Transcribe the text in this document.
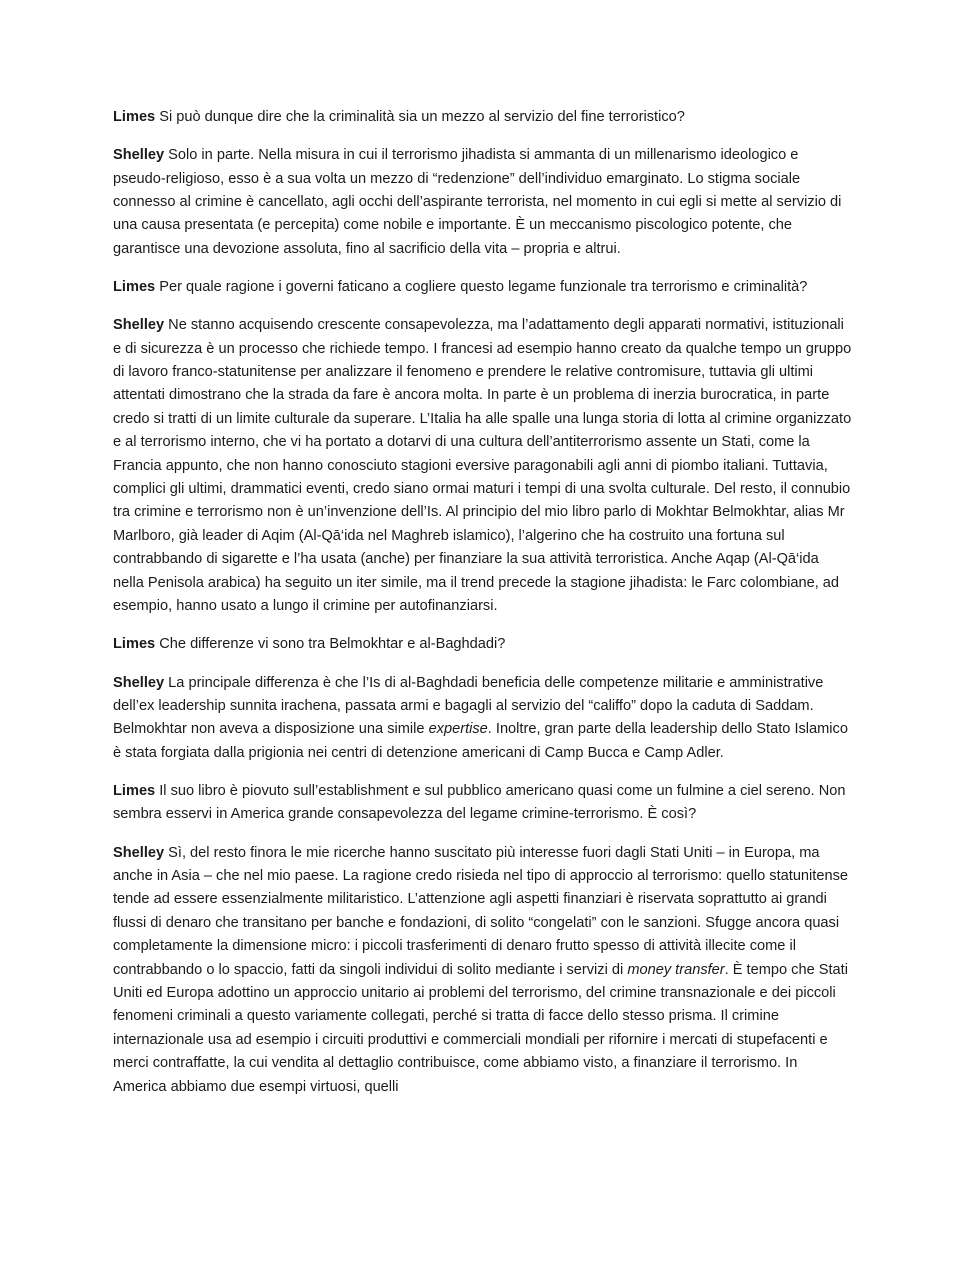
Limes Si può dunque dire che la criminalità sia un mezzo al servizio del fine terroristico?

Shelley Solo in parte. Nella misura in cui il terrorismo jihadista si ammanta di un millenarismo ideologico e pseudo-religioso, esso è a sua volta un mezzo di “redenzione” dell’individuo emarginato. Lo stigma sociale connesso al crimine è cancellato, agli occhi dell’aspirante terrorista, nel momento in cui egli si mette al servizio di una causa presentata (e percepita) come nobile e importante. È un meccanismo piscologico potente, che garantisce una devozione assoluta, fino al sacrificio della vita – propria e altrui.

Limes Per quale ragione i governi faticano a cogliere questo legame funzionale tra terrorismo e criminalità?

Shelley Ne stanno acquisendo crescente consapevolezza, ma l’adattamento degli apparati normativi, istituzionali e di sicurezza è un processo che richiede tempo. I francesi ad esempio hanno creato da qualche tempo un gruppo di lavoro franco-statunitense per analizzare il fenomeno e prendere le relative contromisure, tuttavia gli ultimi attentati dimostrano che la strada da fare è ancora molta. In parte è un problema di inerzia burocratica, in parte credo si tratti di un limite culturale da superare. L’Italia ha alle spalle una lunga storia di lotta al crimine organizzato e al terrorismo interno, che vi ha portato a dotarvi di una cultura dell’antiterrorismo assente un Stati, come la Francia appunto, che non hanno conosciuto stagioni eversive paragonabili agli anni di piombo italiani. Tuttavia, complici gli ultimi, drammatici eventi, credo siano ormai maturi i tempi di una svolta culturale. Del resto, il connubio tra crimine e terrorismo non è un’invenzione dell’Is. Al principio del mio libro parlo di Mokhtar Belmokhtar, alias Mr Marlboro, già leader di Aqim (Al-Qā‘ida nel Maghreb islamico), l’algerino che ha costruito una fortuna sul contrabbando di sigarette e l’ha usata (anche) per finanziare la sua attività terroristica. Anche Aqap (Al-Qā‘ida nella Penisola arabica) ha seguito un iter simile, ma il trend precede la stagione jihadista: le Farc colombiane, ad esempio, hanno usato a lungo il crimine per autofinanziarsi.

Limes Che differenze vi sono tra Belmokhtar e al-Baghdadi?

Shelley La principale differenza è che l’Is di al-Baghdadi beneficia delle competenze militarie e amministrative dell’ex leadership sunnita irachena, passata armi e bagagli al servizio del “califfo” dopo la caduta di Saddam. Belmokhtar non aveva a disposizione una simile expertise. Inoltre, gran parte della leadership dello Stato Islamico è stata forgiata dalla prigionia nei centri di detenzione americani di Camp Bucca e Camp Adler.

Limes Il suo libro è piovuto sull’establishment e sul pubblico americano quasi come un fulmine a ciel sereno. Non sembra esservi in America grande consapevolezza del legame crimine-terrorismo. È così?

Shelley Sì, del resto finora le mie ricerche hanno suscitato più interesse fuori dagli Stati Uniti – in Europa, ma anche in Asia – che nel mio paese. La ragione credo risieda nel tipo di approccio al terrorismo: quello statunitense tende ad essere essenzialmente militaristico. L’attenzione agli aspetti finanziari è riservata soprattutto ai grandi flussi di denaro che transitano per banche e fondazioni, di solito “congelati” con le sanzioni. Sfugge ancora quasi completamente la dimensione micro: i piccoli trasferimenti di denaro frutto spesso di attività illecite come il contrabbando o lo spaccio, fatti da singoli individui di solito mediante i servizi di money transfer. È tempo che Stati Uniti ed Europa adottino un approccio unitario ai problemi del terrorismo, del crimine transnazionale e dei piccoli fenomeni criminali a questo variamente collegati, perché si tratta di facce dello stesso prisma. Il crimine internazionale usa ad esempio i circuiti produttivi e commerciali mondiali per rifornire i mercati di stupefacenti e merci contraffatte, la cui vendita al dettaglio contribuisce, come abbiamo visto, a finanziare il terrorismo. In America abbiamo due esempi virtuosi, quelli
